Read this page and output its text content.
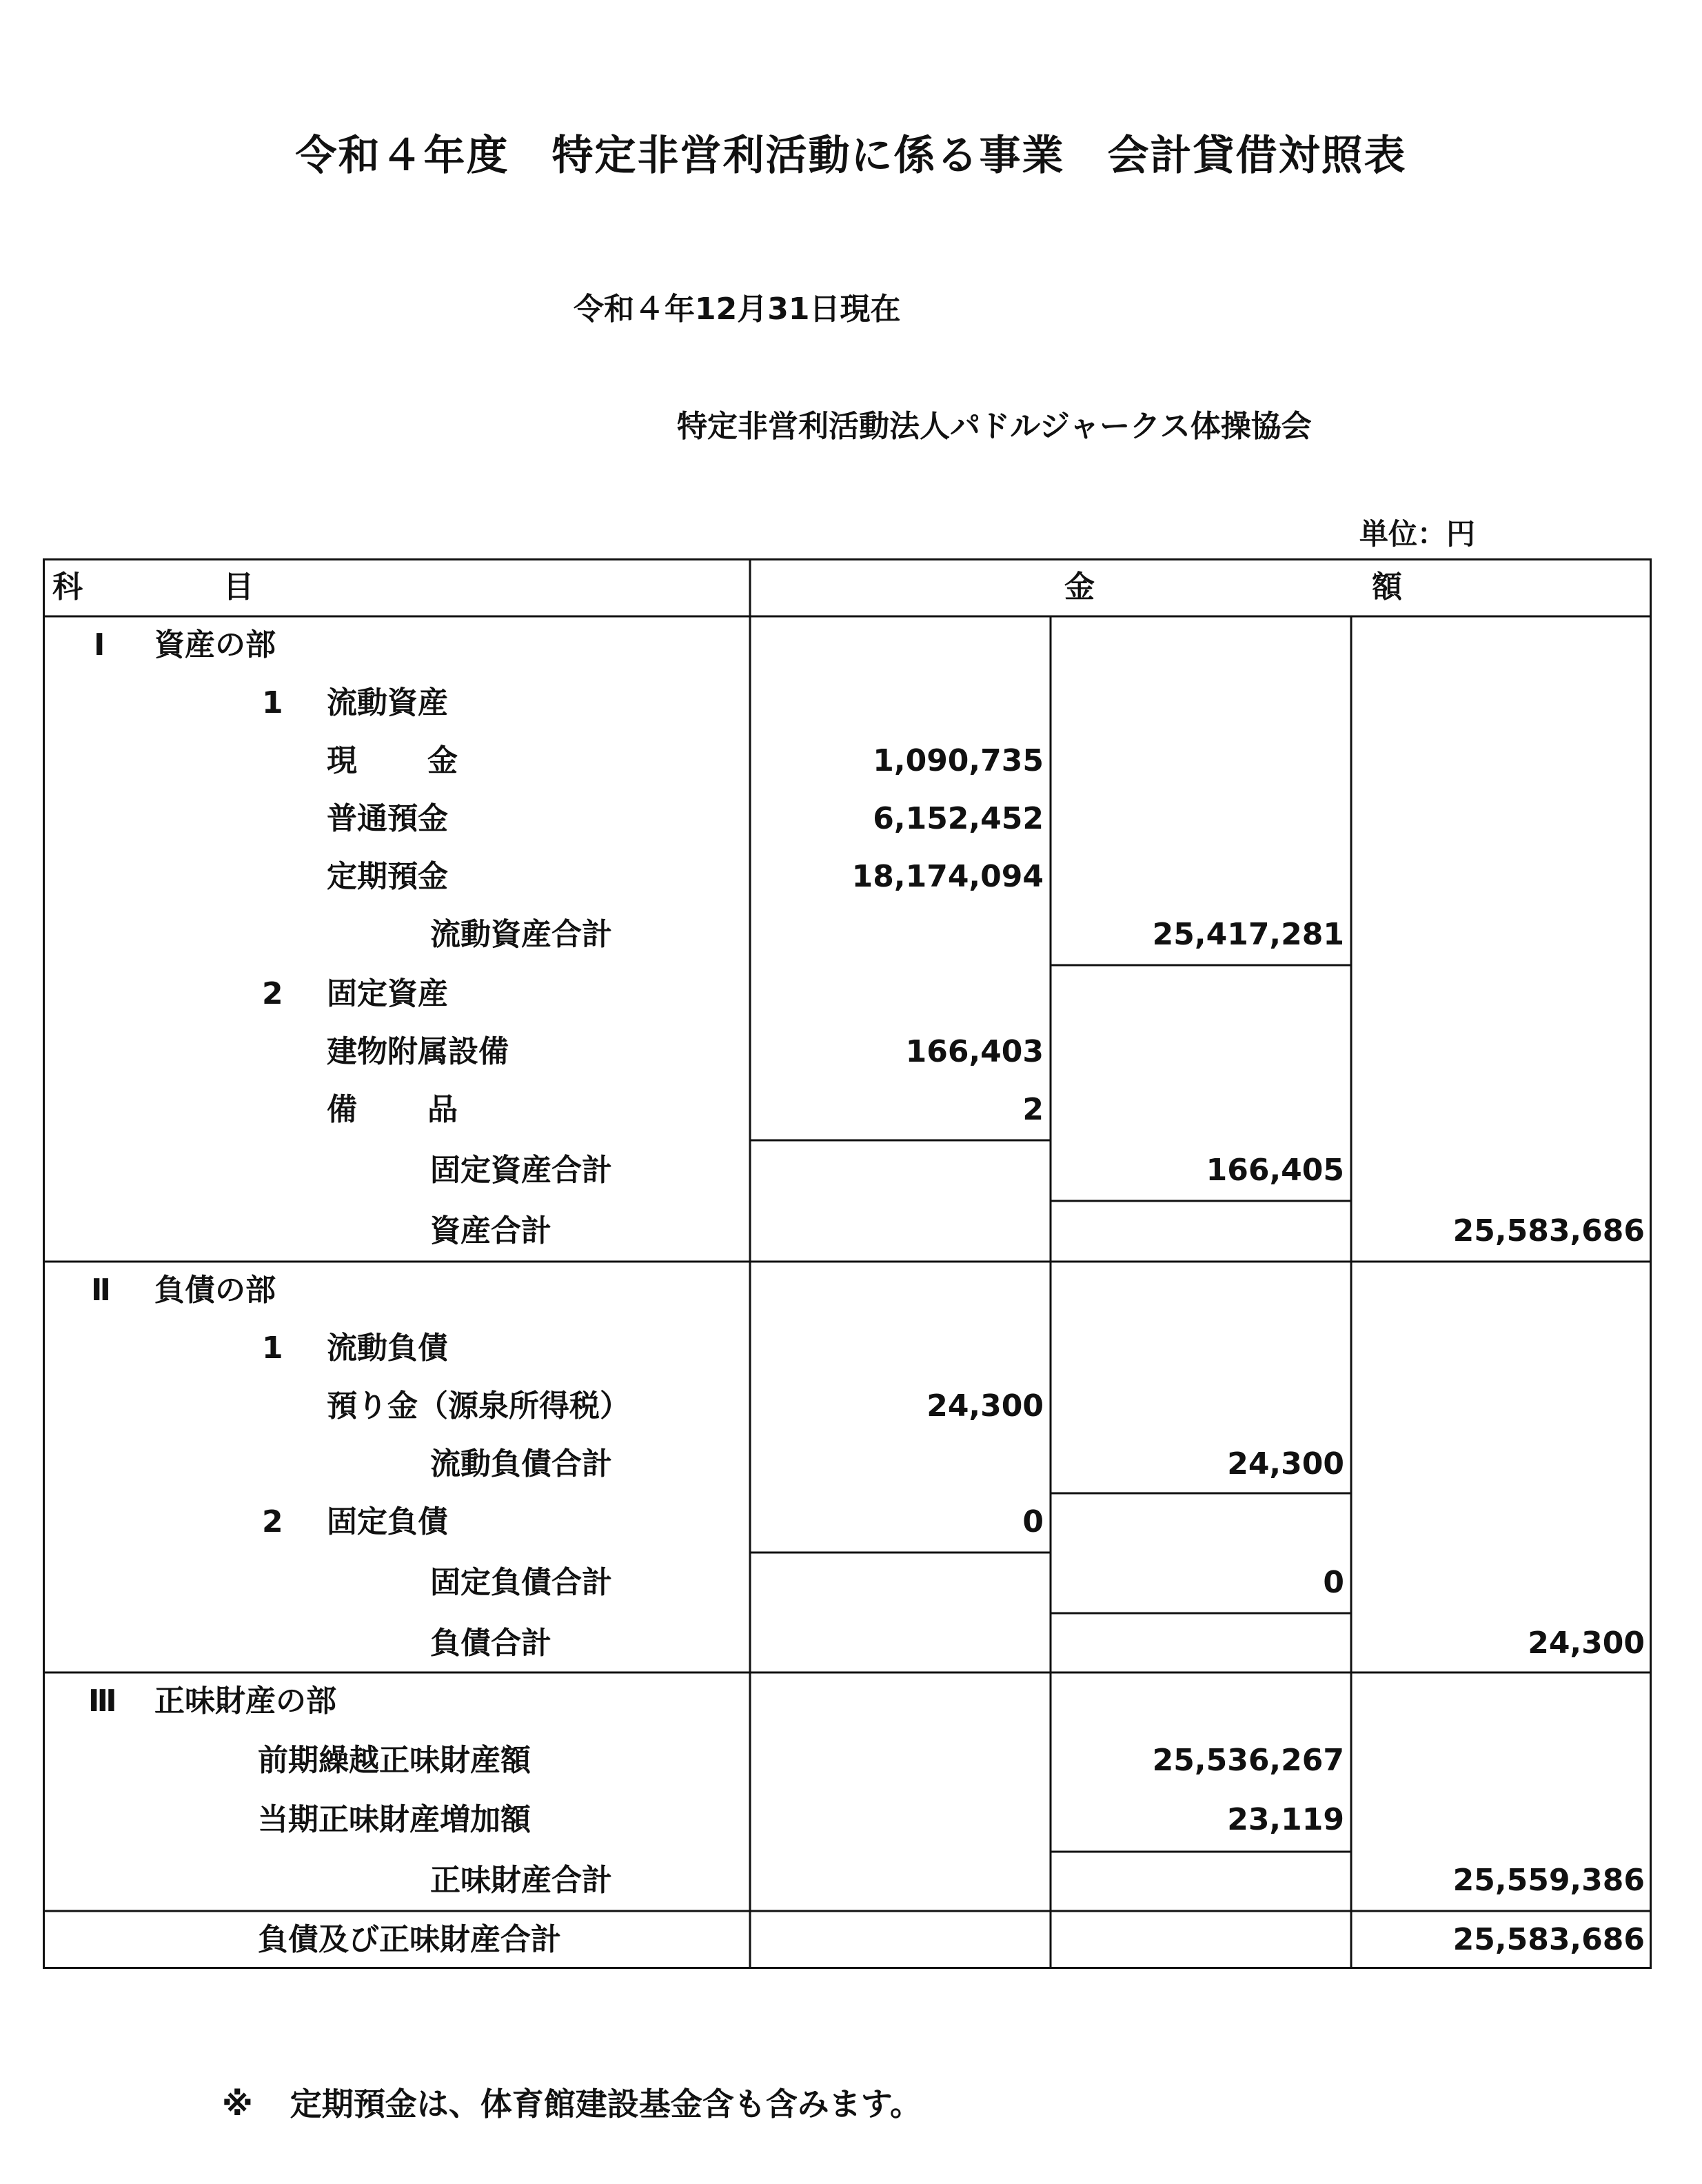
令和４年度　特定非営利活動に係る事業　会計貸借対照表
令和４年12月31日現在
特定非営利活動法人パドルジャークス体操協会
単位：円
科	目	金	額
Ⅰ 資産の部
1 流動資産
現 金	1,090,735
普通預金	6,152,452
定期預金	18,174,094
流動資産合計	25,417,281
2 固定資産
建物附属設備	166,403
備 品	2
固定資産合計	166,405
資産合計	25,583,686
Ⅱ 負債の部
1 流動負債
預り金（源泉所得税）	24,300
流動負債合計	24,300
2 固定負債	0
固定負債合計	0
負債合計	24,300
Ⅲ 正味財産の部
前期繰越正味財産額	25,536,267
当期正味財産増加額	23,119
正味財産合計	25,559,386
負債及び正味財産合計	25,583,686
※ 定期預金は、体育館建設基金含も含みます。
